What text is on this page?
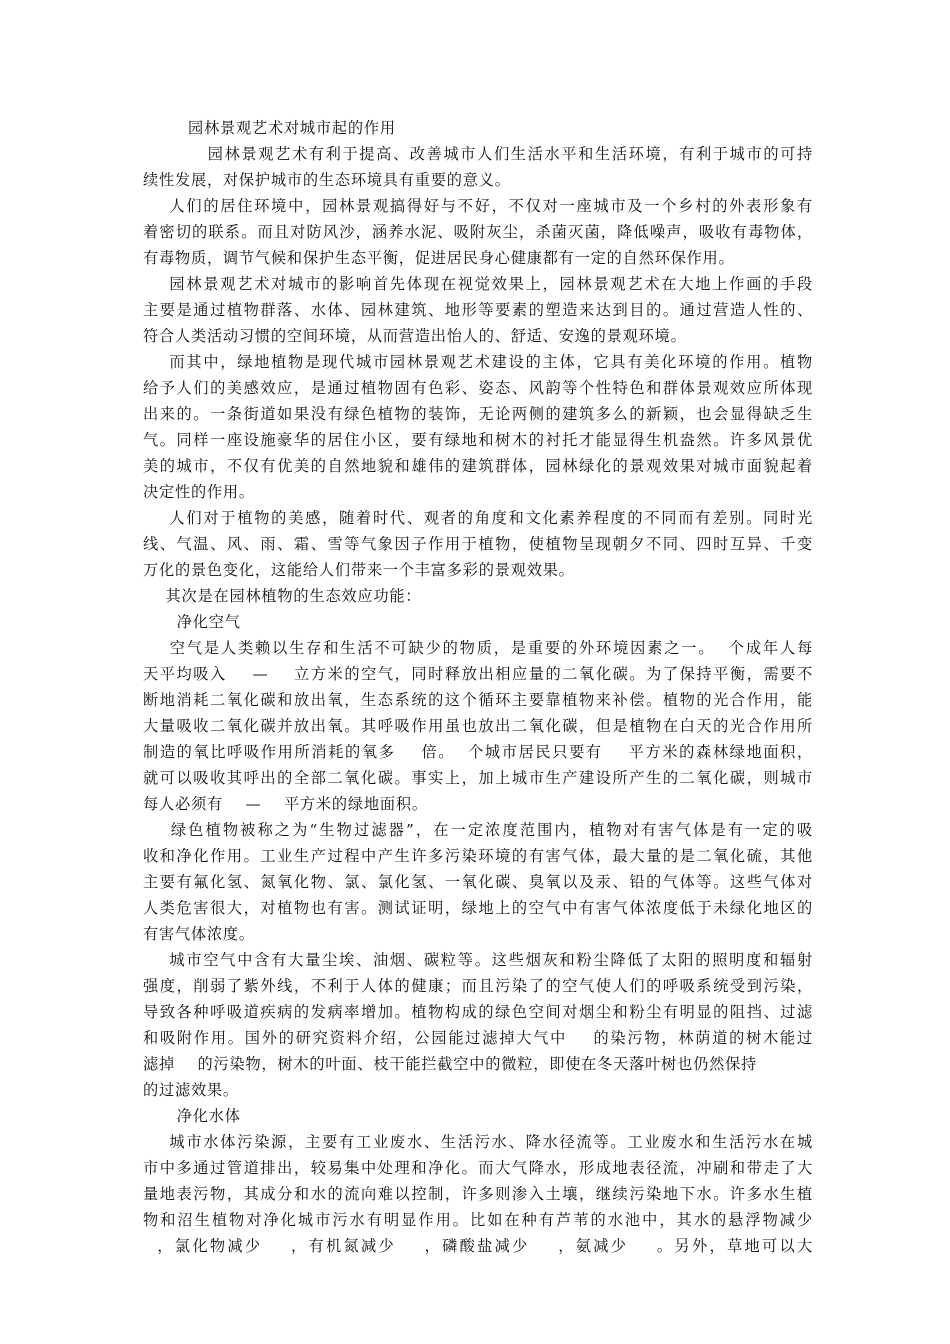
园林景观艺术对城市起的作用
园林景观艺术有利于提高、改善城市人们生活水平和生活环境，有利于城市的可持
续性发展，对保护城市的生态环境具有重要的意义。
人们的居住环境中，园林景观搞得好与不好，不仅对一座城市及一个乡村的外表形象有
着密切的联系。而且对防风沙，涵养水泥、吸附灰尘，杀菌灭菌，降低噪声，吸收有毒物体，
有毒物质，调节气候和保护生态平衡，促进居民身心健康都有一定的自然环保作用。
园林景观艺术对城市的影响首先体现在视觉效果上，园林景观艺术在大地上作画的手段
主要是通过植物群落、水体、园林建筑、地形等要素的塑造来达到目的。通过营造人性的、
符合人类活动习惯的空间环境，从而营造出怡人的、舒适、安逸的景观环境。
而其中，绿地植物是现代城市园林景观艺术建设的主体，它具有美化环境的作用。植物
给予人们的美感效应，是通过植物固有色彩、姿态、风韵等个性特色和群体景观效应所体现
出来的。一条街道如果没有绿色植物的装饰，无论两侧的建筑多么的新颖，也会显得缺乏生
气。同样一座设施豪华的居住小区，要有绿地和树木的衬托才能显得生机盎然。许多风景优
美的城市，不仅有优美的自然地貌和雄伟的建筑群体，园林绿化的景观效果对城市面貌起着
决定性的作用。
人们对于植物的美感，随着时代、观者的角度和文化素养程度的不同而有差别。同时光
线、气温、风、雨、霜、雪等气象因子作用于植物，使植物呈现朝夕不同、四时互异、千变
万化的景色变化，这能给人们带来一个丰富多彩的景观效果。
其次是在园林植物的生态效应功能：
净化空气
空气是人类赖以生存和生活不可缺少的物质，是重要的外环境因素之一。  个成年人每
天平均吸入    —    立方米的空气，同时释放出相应量的二氧化碳。为了保持平衡，需要不
断地消耗二氧化碳和放出氧，生态系统的这个循环主要靠植物来补偿。植物的光合作用，能
大量吸收二氧化碳并放出氧。其呼吸作用虽也放出二氧化碳，但是植物在白天的光合作用所
制造的氧比呼吸作用所消耗的氧多    倍。  个城市居民只要有    平方米的森林绿地面积，
就可以吸收其呼出的全部二氧化碳。事实上，加上城市生产建设所产生的二氧化碳，则城市
每人必须有    —    平方米的绿地面积。
绿色植物被称之为“生物过滤器”，在一定浓度范围内，植物对有害气体是有一定的吸
收和净化作用。工业生产过程中产生许多污染环境的有害气体，最大量的是二氧化硫，其他
主要有氟化氢、氮氧化物、氯、氯化氢、一氧化碳、臭氧以及汞、铅的气体等。这些气体对
人类危害很大，对植物也有害。测试证明，绿地上的空气中有害气体浓度低于未绿化地区的
有害气体浓度。
城市空气中含有大量尘埃、油烟、碳粒等。这些烟灰和粉尘降低了太阳的照明度和辐射
强度，削弱了紫外线，不利于人体的健康；而且污染了的空气使人们的呼吸系统受到污染，
导致各种呼吸道疾病的发病率增加。植物构成的绿色空间对烟尘和粉尘有明显的阻挡、过滤
和吸附作用。国外的研究资料介绍，公园能过滤掉大气中    的染污物，林荫道的树木能过
滤掉    的污染物，树木的叶面、枝干能拦截空中的微粒，即使在冬天落叶树也仍然保持
的过滤效果。
净化水体
城市水体污染源，主要有工业废水、生活污水、降水径流等。工业废水和生活污水在城
市中多通过管道排出，较易集中处理和净化。而大气降水，形成地表径流，冲刷和带走了大
量地表污物，其成分和水的流向难以控制，许多则渗入土壤，继续污染地下水。许多水生植
物和沼生植物对净化城市污水有明显作用。比如在种有芦苇的水池中，其水的悬浮物减少
，氯化物减少    ，有机氮减少    ，磷酸盐减少    ，氨减少    。另外，草地可以大
